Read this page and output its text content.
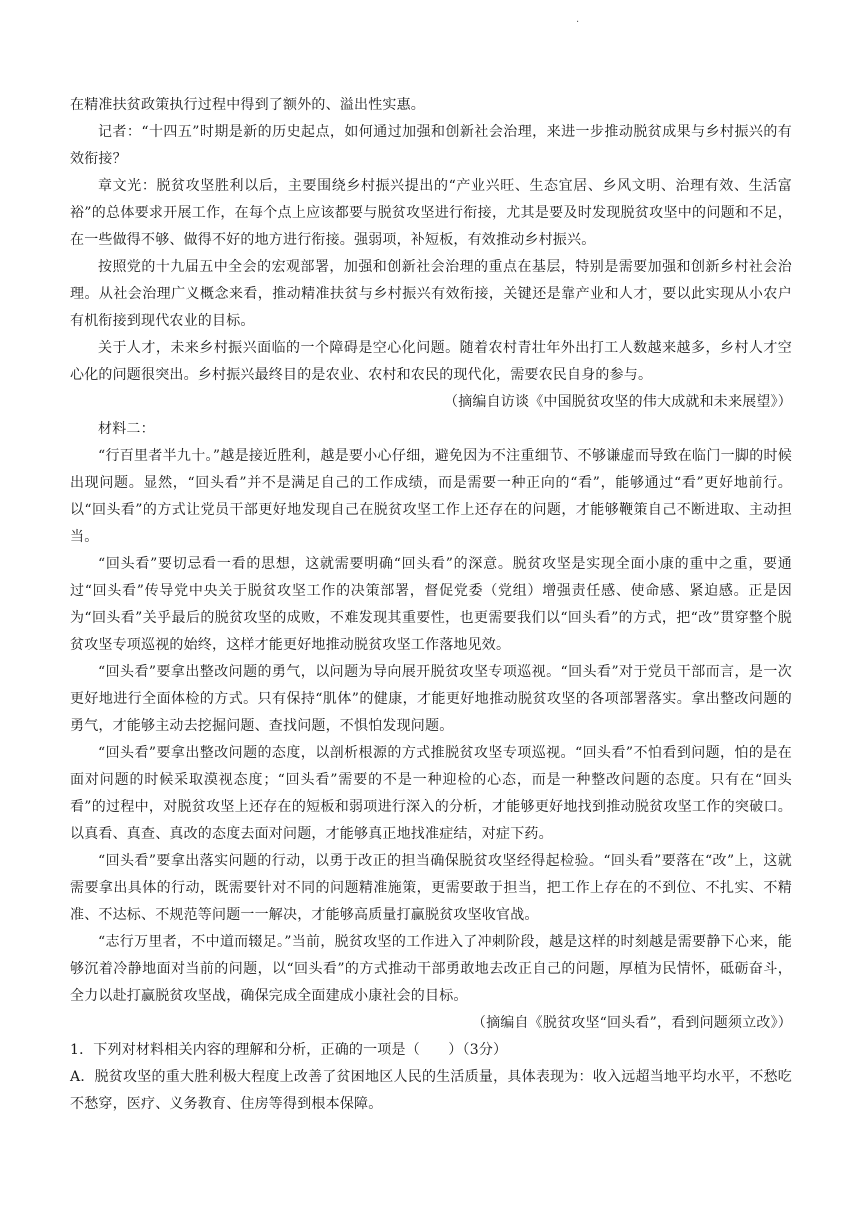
.

在精准扶贫政策执行过程中得到了额外的、溢出性实惠。

记者：“十四五”时期是新的历史起点，如何通过加强和创新社会治理，来进一步推动脱贫成果与乡村振兴的有效衔接？

章文光：脱贫攻坚胜利以后，主要围绕乡村振兴提出的“产业兴旺、生态宜居、乡风文明、治理有效、生活富裕”的总体要求开展工作，在每个点上应该都要与脱贫攻坚进行衔接，尤其是要及时发现脱贫攻坚中的问题和不足，在一些做得不够、做得不好的地方进行衔接。强弱项，补短板，有效推动乡村振兴。

按照党的十九届五中全会的宏观部署，加强和创新社会治理的重点在基层，特别是需要加强和创新乡村社会治理。从社会治理广义概念来看，推动精准扶贫与乡村振兴有效衔接，关键还是靠产业和人才，要以此实现从小农户有机衔接到现代农业的目标。

关于人才，未来乡村振兴面临的一个障碍是空心化问题。随着农村青壮年外出打工人数越来越多，乡村人才空心化的问题很突出。乡村振兴最终目的是农业、农村和农民的现代化，需要农民自身的参与。

（摘编自访谈《中国脱贫攻坚的伟大成就和未来展望》）

材料二：

“行百里者半九十。”越是接近胜利，越是要小心仔细，避免因为不注重细节、不够谦虚而导致在临门一脚的时候出现问题。显然，“回头看”并不是满足自己的工作成绩，而是需要一种正向的“看”，能够通过“看”更好地前行。以“回头看”的方式让党员干部更好地发现自己在脱贫攻坚工作上还存在的问题，才能够鞭策自己不断进取、主动担当。

“回头看”要切忌看一看的思想，这就需要明确“回头看”的深意。脱贫攻坚是实现全面小康的重中之重，要通过“回头看”传导党中央关于脱贫攻坚工作的决策部署，督促党委（党组）增强责任感、使命感、紧迫感。正是因为“回头看”关乎最后的脱贫攻坚的成败，不难发现其重要性，也更需要我们以“回头看”的方式，把“改”贯穿整个脱贫攻坚专项巡视的始终，这样才能更好地推动脱贫攻坚工作落地见效。

“回头看”要拿出整改问题的勇气，以问题为导向展开脱贫攻坚专项巡视。“回头看”对于党员干部而言，是一次更好地进行全面体检的方式。只有保持“肌体”的健康，才能更好地推动脱贫攻坚的各项部署落实。拿出整改问题的勇气，才能够主动去挖掘问题、查找问题，不惧怕发现问题。

“回头看”要拿出整改问题的态度，以剖析根源的方式推脱贫攻坚专项巡视。“回头看”不怕看到问题，怕的是在面对问题的时候采取漠视态度；“回头看”需要的不是一种迎检的心态，而是一种整改问题的态度。只有在“回头看”的过程中，对脱贫攻坚上还存在的短板和弱项进行深入的分析，才能够更好地找到推动脱贫攻坚工作的突破口。以真看、真查、真改的态度去面对问题，才能够真正地找准症结，对症下药。

“回头看”要拿出落实问题的行动，以勇于改正的担当确保脱贫攻坚经得起检验。“回头看”要落在“改”上，这就需要拿出具体的行动，既需要针对不同的问题精准施策，更需要敢于担当，把工作上存在的不到位、不扎实、不精准、不达标、不规范等问题一一解决，才能够高质量打赢脱贫攻坚收官战。

“志行万里者，不中道而辍足。”当前，脱贫攻坚的工作进入了冲刺阶段，越是这样的时刻越是需要静下心来，能够沉着冷静地面对当前的问题，以“回头看”的方式推动干部勇敢地去改正自己的问题，厚植为民情怀，砥砺奋斗，全力以赴打赢脱贫攻坚战，确保完成全面建成小康社会的目标。

（摘编自《脱贫攻坚“回头看”，看到问题须立改》）

1．下列对材料相关内容的理解和分析，正确的一项是（　　）（3分）

A．脱贫攻坚的重大胜利极大程度上改善了贫困地区人民的生活质量，具体表现为：收入远超当地平均水平，不愁吃不愁穿，医疗、义务教育、住房等得到根本保障。
